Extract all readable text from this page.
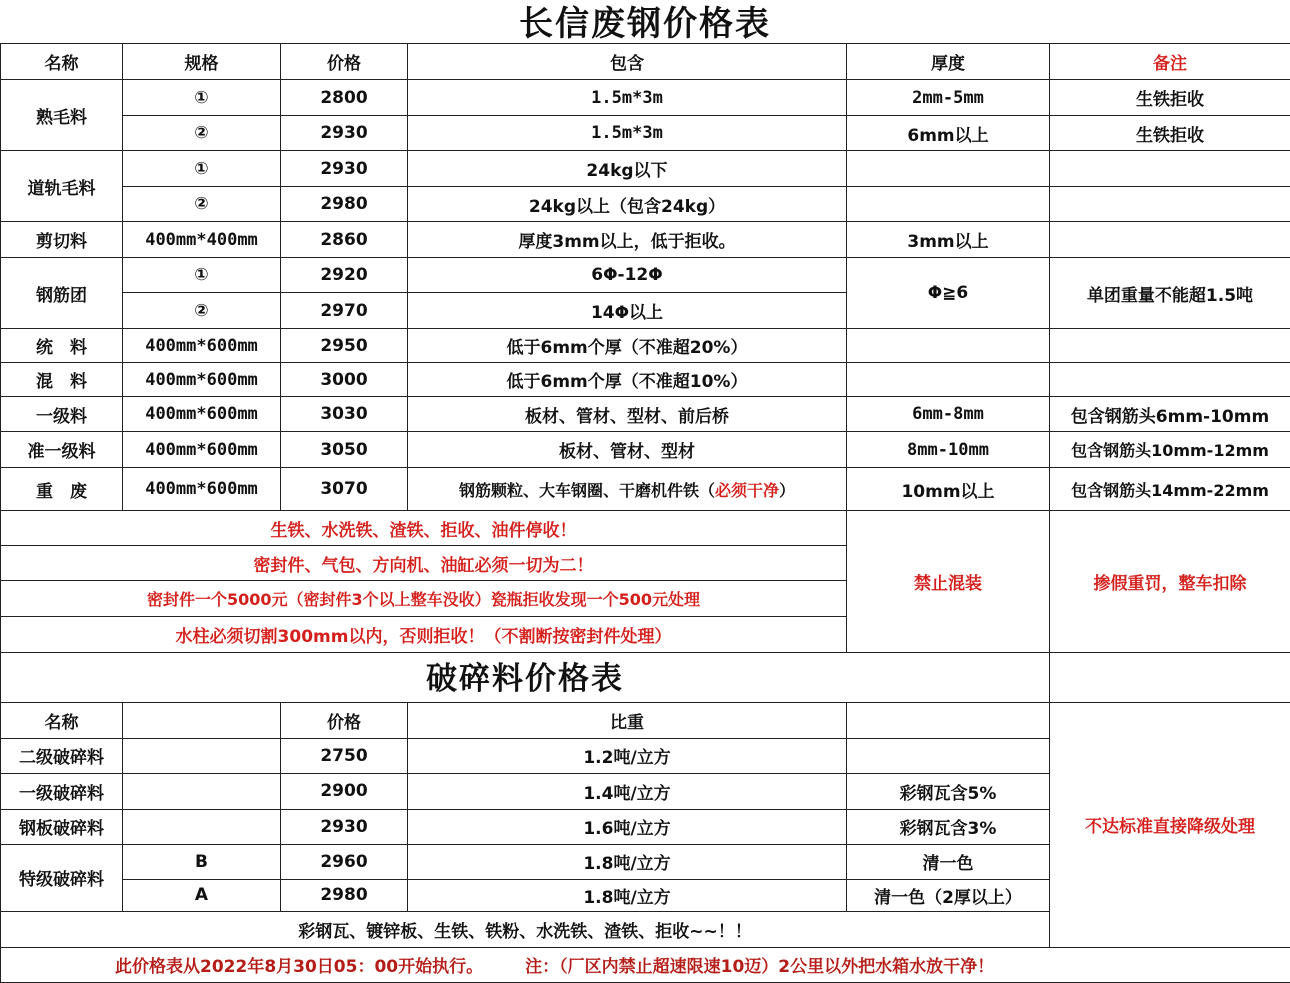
长信废钢价格表
名称	规格	价格	包含	厚度	备注
熟毛料	①	2800	1.5m*3m	2mm-5mm	生铁拒收
	②	2930	1.5m*3m	6mm以上	生铁拒收
道轨毛料	①	2930	24kg以下		
	②	2980	24kg以上（包含24kg）		
剪切料	400mm*400mm	2860	厚度3mm以上，低于拒收。	3mm以上	
钢筋团	①	2920	6Φ-12Φ	Φ≧6	单团重量不能超1.5吨
	②	2970	14Φ以上		
统　料	400mm*600mm	2950	低于6mm个厚（不准超20%）		
混　料	400mm*600mm	3000	低于6mm个厚（不准超10%）		
一级料	400mm*600mm	3030	板材、管材、型材、前后桥	6mm-8mm	包含钢筋头6mm-10mm
准一级料	400mm*600mm	3050	板材、管材、型材	8mm-10mm	包含钢筋头10mm-12mm
重　废	400mm*600mm	3070	钢筋颗粒、大车钢圈、干磨机件铁（必须干净）	10mm以上	包含钢筋头14mm-22mm
生铁、水洗铁、渣铁、拒收、油件停收！				禁止混装	掺假重罚，整车扣除
密封件、气包、方向机、油缸必须一切为二！					
密封件一个5000元（密封件3个以上整车没收）瓷瓶拒收发现一个500元处理					
水柱必须切割300mm以内，否则拒收！（不割断按密封件处理）					
破碎料价格表					
名称		价格	比重		不达标准直接降级处理
二级破碎料		2750	1.2吨/立方		
一级破碎料		2900	1.4吨/立方	彩钢瓦含5%	
钢板破碎料		2930	1.6吨/立方	彩钢瓦含3%	
特级破碎料	B	2960	1.8吨/立方	清一色	
	A	2980	1.8吨/立方	清一色（2厚以上）	
彩钢瓦、镀锌板、生铁、铁粉、水洗铁、渣铁、拒收~~！！					
此价格表从2022年8月30日05：00开始执行。 注：（厂区内禁止超速限速10迈）2公里以外把水箱水放干净！					
